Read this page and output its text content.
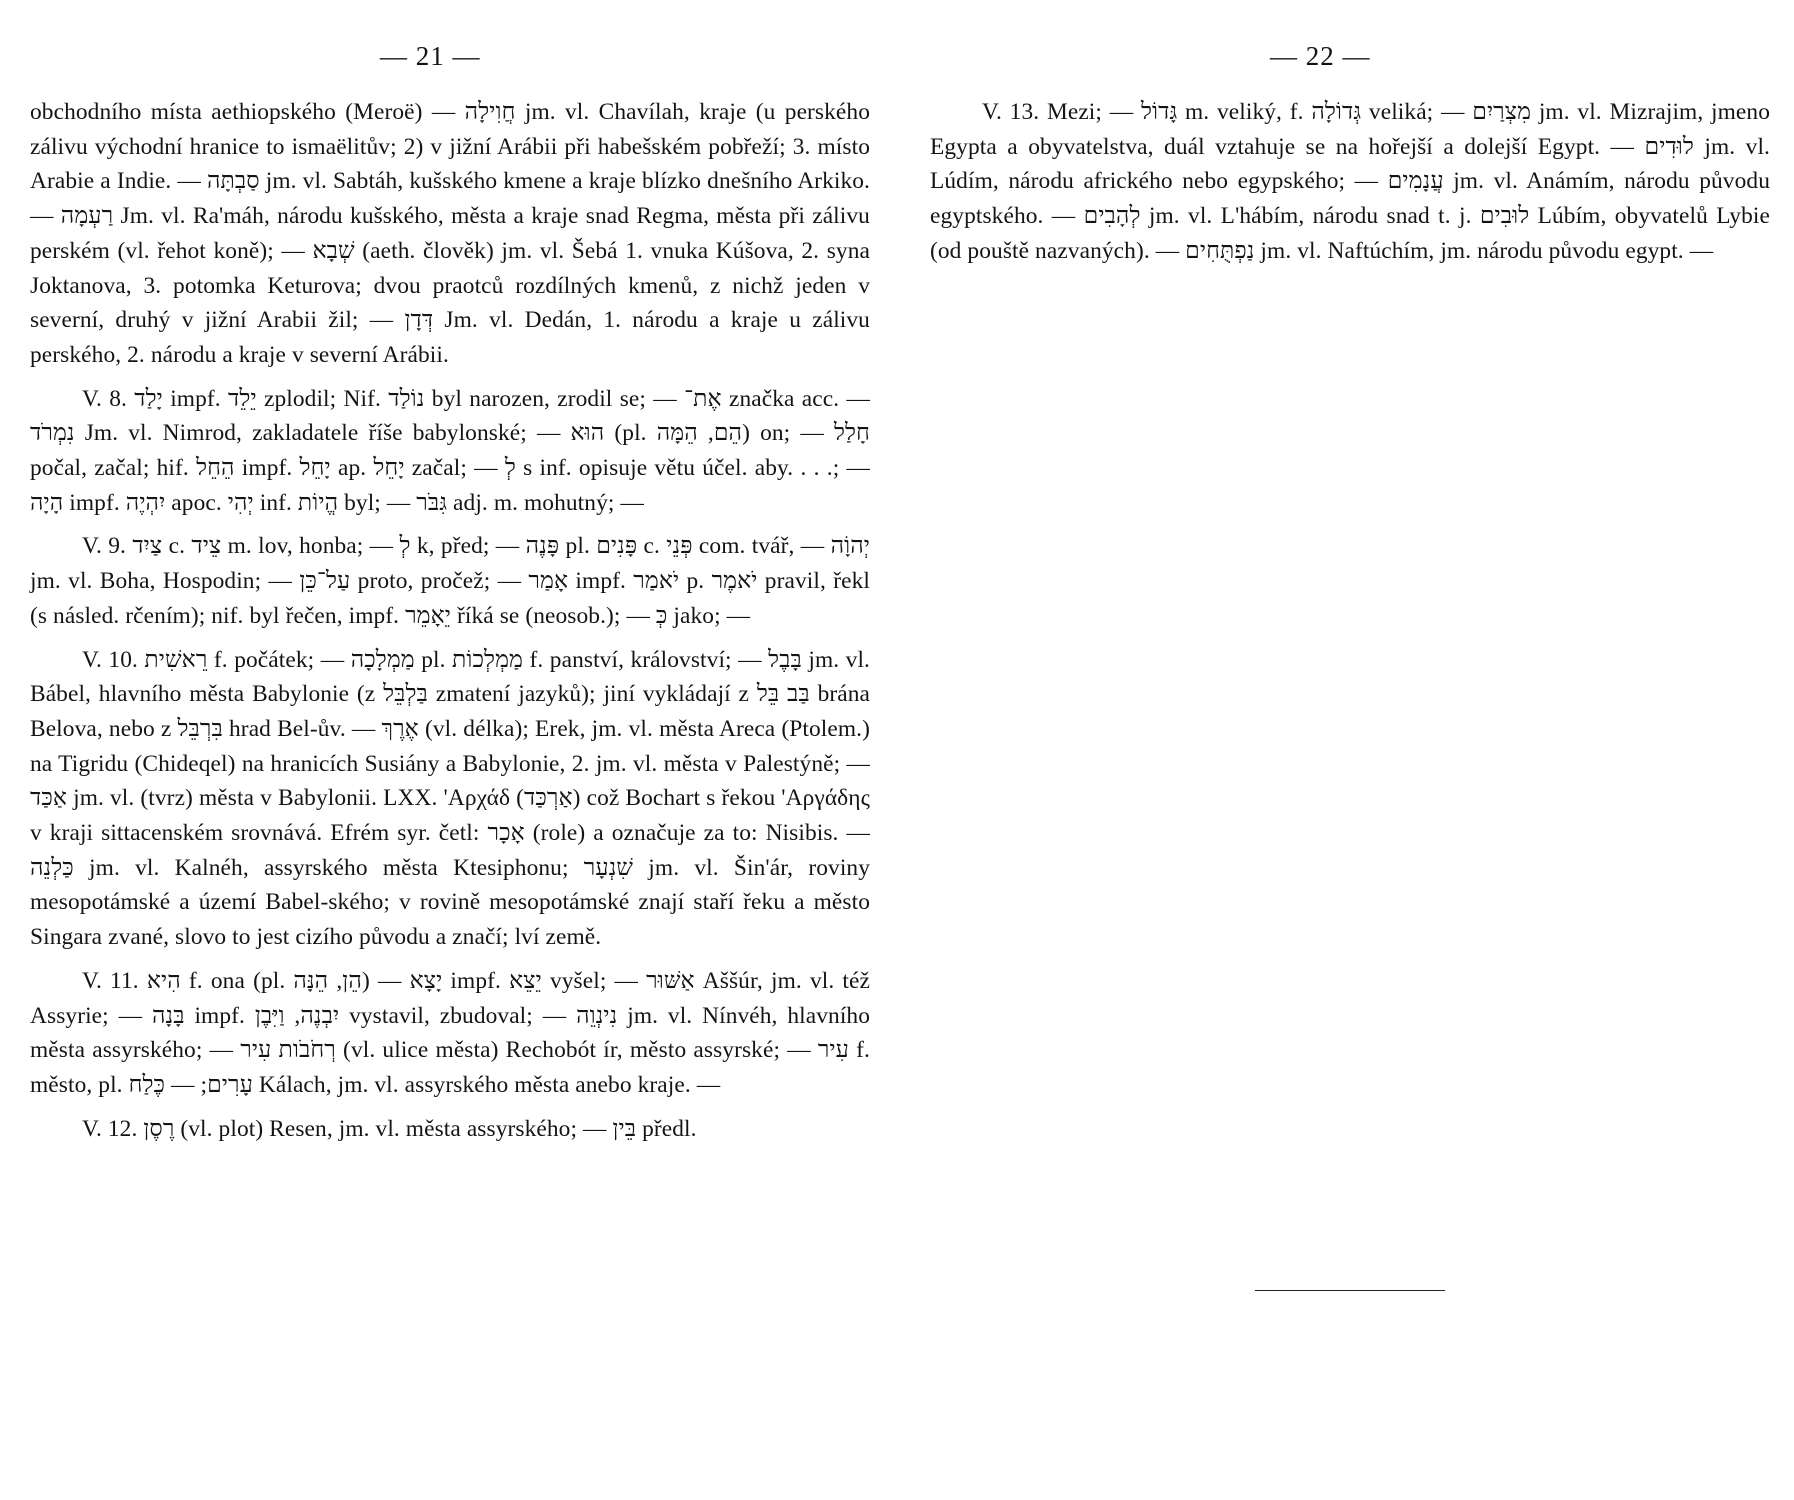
— 21 —	— 22 —

obchodního místa aethiopského (Meroë) — חֲוִילָה jm. vl. Chavílah, kraje (u perského zálivu východní hranice to ismaëlitův; 2) v jižní Arábii při habešském pobřeží; 3. místo Arabie a Indie. — סַבְתָּה jm. vl. Sabtáh, kušského kmene a kraje blízko dnešního Arkiko. — רַעְמָה Jm. vl. Ra'máh, národu kušského, města a kraje snad Regma, města při zálivu perském (vl. řehot koně); — שְׁבָא (aeth. člověk) jm. vl. Šebá 1. vnuka Kúšova, 2. syna Joktanova, 3. potomka Keturova; dvou praotců rozdílných kmenů, z nichž jeden v severní, druhý v jižní Arabii žil; — דְּדָן Jm. vl. Dedán, 1. národu a kraje u zálivu perského, 2. národu a kraje v severní Arábii.

V. 8. יָלַד impf. יֵלֵד zplodil; Nif. נוֹלַד byl narozen, zrodil se; — אֶת־ značka acc. — נִמְרֹד Jm. vl. Nimrod, zakladatele říše babylonské; — הוּא (pl. הֵם, הֵמָּה) on; — חָלַל počal, začal; hif. הֵחֵל impf. יָחֵל ap. יָחֵל začal; — לְ s inf. opisuje větu účel. aby. . . .; — הָיָה impf. יִהְיֶה apoc. יְהִי inf. הֱיוֹת byl; — גִּבֹּר adj. m. mohutný; —

V. 9. צַיִד c. צֵיד m. lov, honba; — לְ k, před; — פָּנֶה pl. פָּנִים c. פְּנֵי com. tvář, — יְהוָֹה jm. vl. Boha, Hospodin; — עַל־כֵּן proto, pročež; — אָמַר impf. יֹאמַר p. יֹאמֶר pravil, řekl (s násled. rčením); nif. byl řečen, impf. יֵאָמֵר říká se (neosob.); — כְּ jako; —

V. 10. רֵאשִׁית f. počátek; — מַמְלָכָה pl. מַמְלְכוֹת f. panství, království; — בָּבֶל jm. vl. Bábel, hlavního města Babylonie (z בַּלְבֵּל zmatení jazyků); jiní vykládají z בַּב בֵּל brána Belova, nebo z בִּרְבֵּל hrad Bel-ův. — אֶרֶךְ (vl. délka); Erek, jm. vl. města Areca (Ptolem.) na Tigridu (Chideqel) na hranicích Susiány a Babylonie, 2. jm. vl. města v Palestýně; — אַכַּד jm. vl. (tvrz) města v Babylonii. LXX. 'Αρχάδ (אַרְכַּד) což Bochart s řekou 'Αργάδης v kraji sittacenském srovnává. Efrém syr. četl: אָכָר (role) a označuje za to: Nisibis. — כַּלְנֵה jm. vl. Kalnéh, assyrského města Ktesiphonu; שִׁנְעָר jm. vl. Šin'ár, roviny mesopotámské a území Babel-ského; v rovině mesopotámské znají staří řeku a město Singara zvané, slovo to jest cizího původu a značí; lví země.

V. 11. הִיא f. ona (pl. הֵן, הֵנָּה) — יָצָא impf. יֵצֵא vyšel; — אַשּׁוּר Aššúr, jm. vl. též Assyrie; — בָּנָה impf. יִבְנֶה, וַיִּבֶן vystavil, zbudoval; — נִינְוֵה jm. vl. Nínvéh, hlavního města assyrského; — רְחֹבֹות עִיר (vl. ulice města) Rechobót ír, město assyrské; — עִיר f. město, pl. עָרִים; — כֶּלַח Kálach, jm. vl. assyrského města anebo kraje. —

V. 12. רֶסֶן (vl. plot) Resen, jm. vl. města assyrského; — בֵּין předl.

V. 13. Mezi; — גָּדוֹל m. veliký, f. גְּדוֹלָה veliká; — מִצְרַיִם jm. vl. Mizrajim, jmeno Egypta a obyvatelstva, duál vztahuje se na hořejší a dolejší Egypt. — לוּדִים jm. vl. Lúdím, národu afrického nebo egypského; — עֲנָמִים jm. vl. Anámím, národu původu egyptského. — לְהָבִים jm. vl. L'hábím, národu snad t. j. לוּבִים Lúbím, obyvatelů Lybie (od pouště nazvaných). — נַפְתֻּחִים jm. vl. Naftúchím, jm. národu původu egypt. —
